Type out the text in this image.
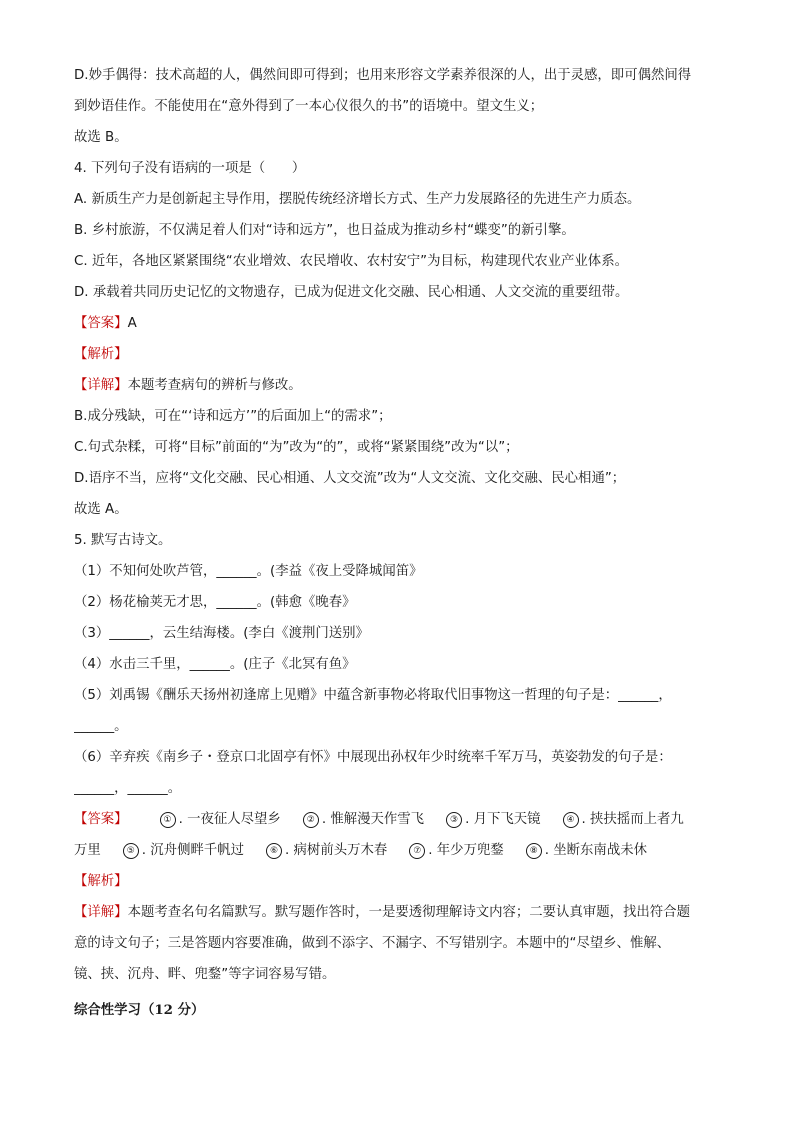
D.妙手偶得：技术高超的人，偶然间即可得到；也用来形容文学素养很深的人，出于灵感，即可偶然间得
到妙语佳作。不能使用在“意外得到了一本心仪很久的书”的语境中。望文生义；
故选 B。
4. 下列句子没有语病的一项是（　　）
A. 新质生产力是创新起主导作用，摆脱传统经济增长方式、生产力发展路径的先进生产力质态。
B. 乡村旅游，不仅满足着人们对“诗和远方”，也日益成为推动乡村“蝶变”的新引擎。
C. 近年，各地区紧紧围绕“农业增效、农民增收、农村安宁”为目标，构建现代农业产业体系。
D. 承载着共同历史记忆的文物遗存，已成为促进文化交融、民心相通、人文交流的重要纽带。
【答案】A
【解析】
【详解】本题考查病句的辨析与修改。
B.成分残缺，可在“‘诗和远方’”的后面加上“的需求”；
C.句式杂糅，可将“目标”前面的“为”改为“的”，或将“紧紧围绕”改为“以”；
D.语序不当，应将“文化交融、民心相通、人文交流”改为“人文交流、文化交融、民心相通”；
故选 A。
5. 默写古诗文。
（1）不知何处吹芦管，______。(李益《夜上受降城闻笛》
（2）杨花榆荚无才思，______。(韩愈《晚春》
（3）______，云生结海楼。(李白《渡荆门送别》
（4）水击三千里，______。(庄子《北冥有鱼》
（5）刘禹锡《酬乐天扬州初逢席上见赠》中蕴含新事物必将取代旧事物这一哲理的句子是：______，
______。
（6）辛弃疾《南乡子・登京口北固亭有怀》中展现出孙权年少时统率千军万马，英姿勃发的句子是：
______，______。
【答案】	① . 一夜征人尽望乡	② . 惟解漫天作雪飞	③ . 月下飞天镜	④ . 挟扶摇而上者九
万里	⑤ . 沉舟侧畔千帆过	⑥ . 病树前头万木春	⑦ . 年少万兜鍪	⑧ . 坐断东南战未休
【解析】
【详解】本题考查名句名篇默写。默写题作答时，一是要透彻理解诗文内容；二要认真审题，找出符合题
意的诗文句子；三是答题内容要准确，做到不添字、不漏字、不写错别字。本题中的“尽望乡、惟解、
镜、挟、沉舟、畔、兜鍪”等字词容易写错。
综合性学习（12 分）
